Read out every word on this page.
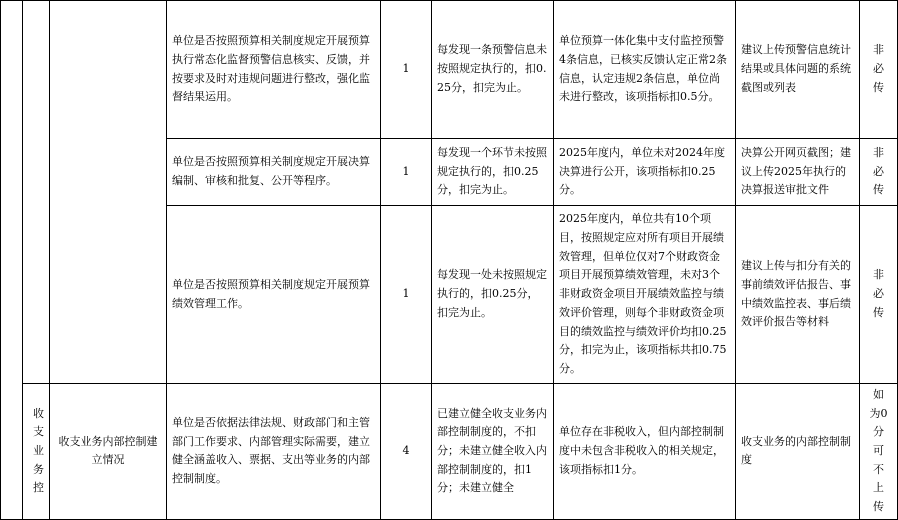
			单位是否按照预算相关制度规定开展预算执行常态化监督预警信息核实、反馈，并按要求及时对违规问题进行整改，强化监督结果运用。	1	每发现一条预警信息未按照规定执行的，扣0.25分，扣完为止。	单位预算一体化集中支付监控预警4条信息，已核实反馈认定正常2条信息，认定违规2条信息，单位尚未进行整改，该项指标扣0.5分。	建议上传预警信息统计结果或具体问题的系统截图或列表	非必传
			单位是否按照预算相关制度规定开展决算编制、审核和批复、公开等程序。	1	每发现一个环节未按照规定执行的，扣0.25分，扣完为止。	2025年度内，单位未对2024年度决算进行公开，该项指标扣0.25分。	决算公开网页截图；建议上传2025年执行的决算报送审批文件	非必传
			单位是否按照预算相关制度规定开展预算绩效管理工作。	1	每发现一处未按照规定执行的，扣0.25分，扣完为止。	2025年度内，单位共有10个项目，按照规定应对所有项目开展绩效管理，但单位仅对7个财政资金项目开展预算绩效管理，未对3个非财政资金项目开展绩效监控与绩效评价管理，则每个非财政资金项目的绩效监控与绩效评价均扣0.25分，扣完为止，该项指标共扣0.75分。	建议上传与扣分有关的事前绩效评估报告、事中绩效监控表、事后绩效评价报告等材料	非必传
	收支业务控	收支业务内部控制建立情况	单位是否依据法律法规、财政部门和主管部门工作要求、内部管理实际需要，建立健全涵盖收入、票据、支出等业务的内部控制制度。	4	已建立健全收支业务内部控制制度的，不扣分；未建立健全收入内部控制制度的，扣1分；未建立健全	单位存在非税收入，但内部控制制度中未包含非税收入的相关规定，该项指标扣1分。	收支业务的内部控制制度	如为0分可不上传
